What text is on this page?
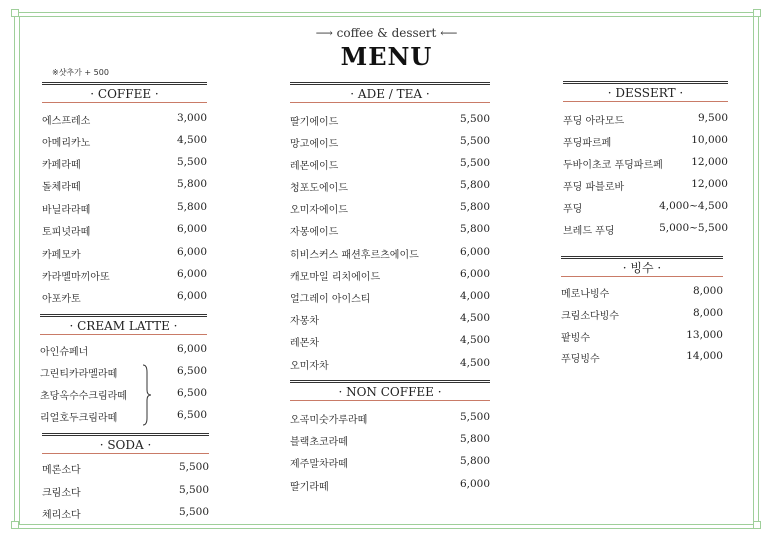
⟶ coffee & dessert ⟵
MENU
※샷추가 + 500
· COFFEE ·
에스프레소	3,000
아메리카노	4,500
카페라떼	5,500
돌체라떼	5,800
바닐라라떼	5,800
토피넛라떼	6,000
카페모카	6,000
카라멜마끼아또	6,000
아포카토	6,000
· CREAM LATTE ·
아인슈페너	6,000
그린티카라멜라떼	6,500
초당옥수수크림라떼	6,500
리얼호두크림라떼	6,500
· SODA ·
메론소다	5,500
크림소다	5,500
체리소다	5,500
· ADE / TEA ·
딸기에이드	5,500
망고에이드	5,500
레몬에이드	5,500
청포도에이드	5,800
오미자에이드	5,800
자몽에이드	5,800
히비스커스 패션후르츠에이드	6,000
캐모마일 리치에이드	6,000
얼그레이 아이스티	4,000
자몽차	4,500
레몬차	4,500
오미자차	4,500
· NON COFFEE ·
오곡미숫가루라떼	5,500
블랙초코라떼	5,800
제주말차라떼	5,800
딸기라떼	6,000
· DESSERT ·
푸딩 아라모드	9,500
푸딩파르페	10,000
두바이초코 푸딩파르페	12,000
푸딩 파블로바	12,000
푸딩	4,000~4,500
브레드 푸딩	5,000~5,500
· 빙수 ·
메로나빙수	8,000
크림소다빙수	8,000
팥빙수	13,000
푸딩빙수	14,000
